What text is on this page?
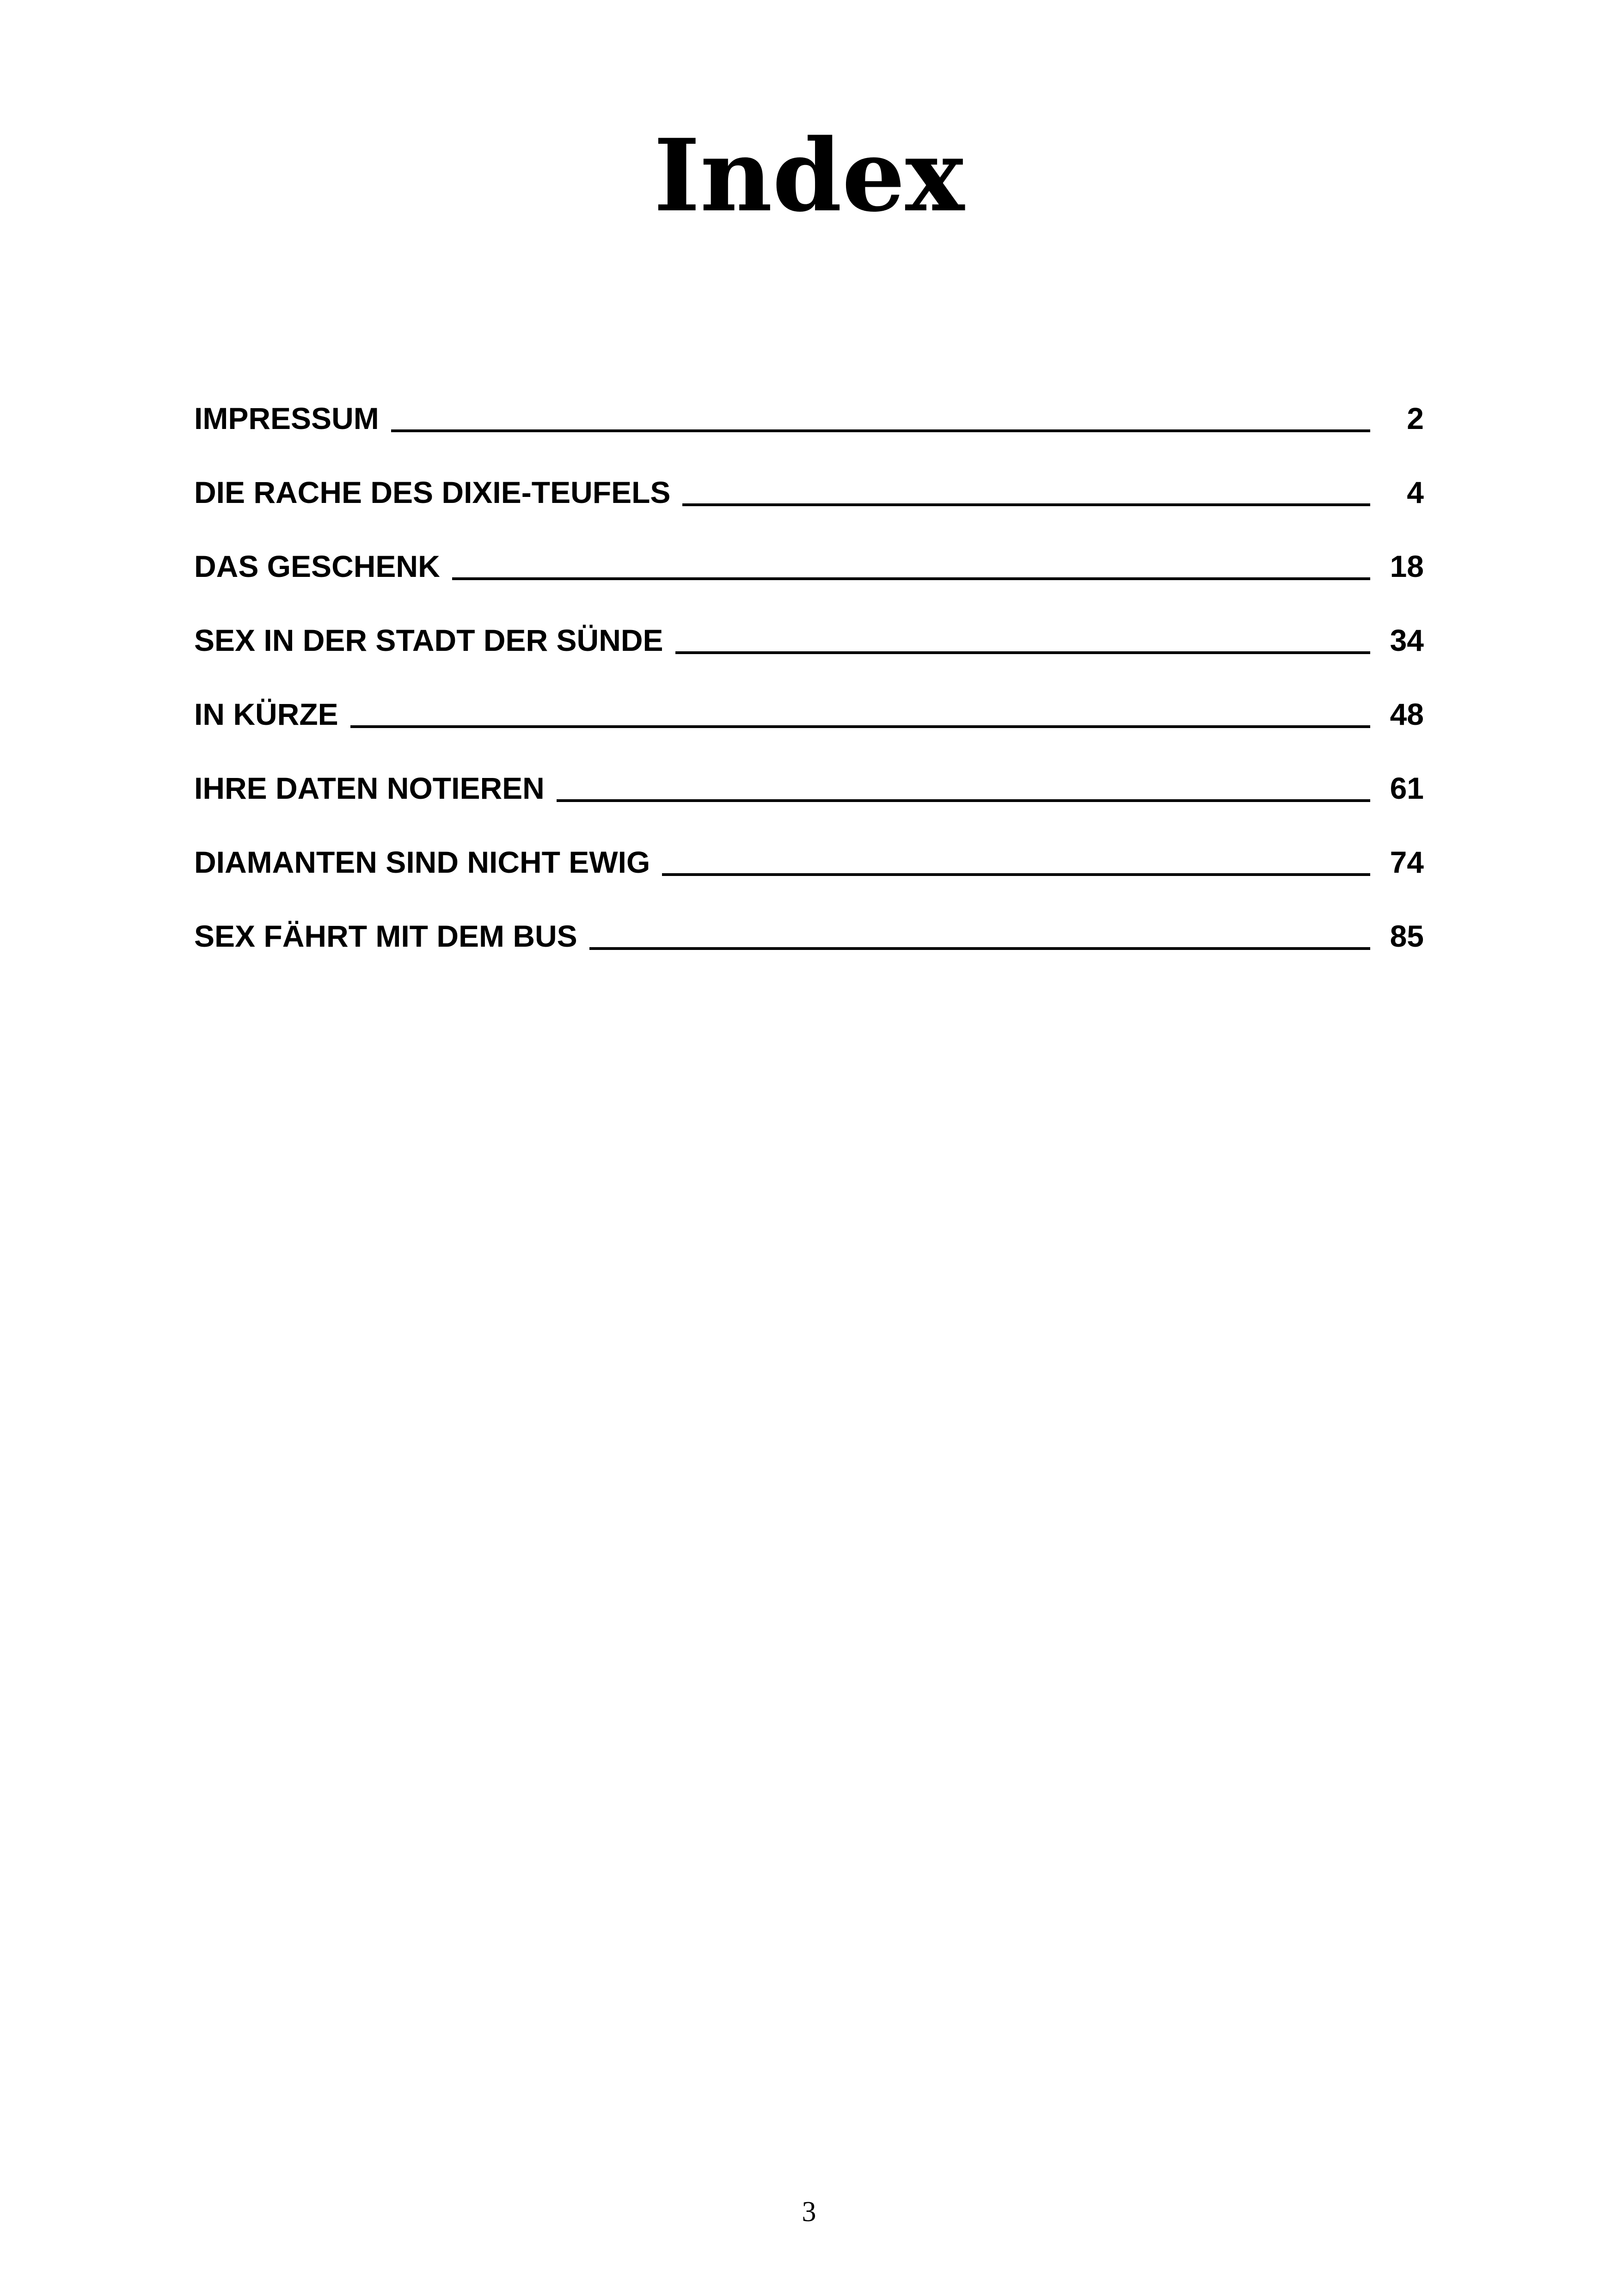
Index
IMPRESSUM	2
DIE RACHE DES DIXIE-TEUFELS	4
DAS GESCHENK	18
SEX IN DER STADT DER SÜNDE	34
IN KÜRZE	48
IHRE DATEN NOTIEREN	61
DIAMANTEN SIND NICHT EWIG	74
SEX FÄHRT MIT DEM BUS	85
3
